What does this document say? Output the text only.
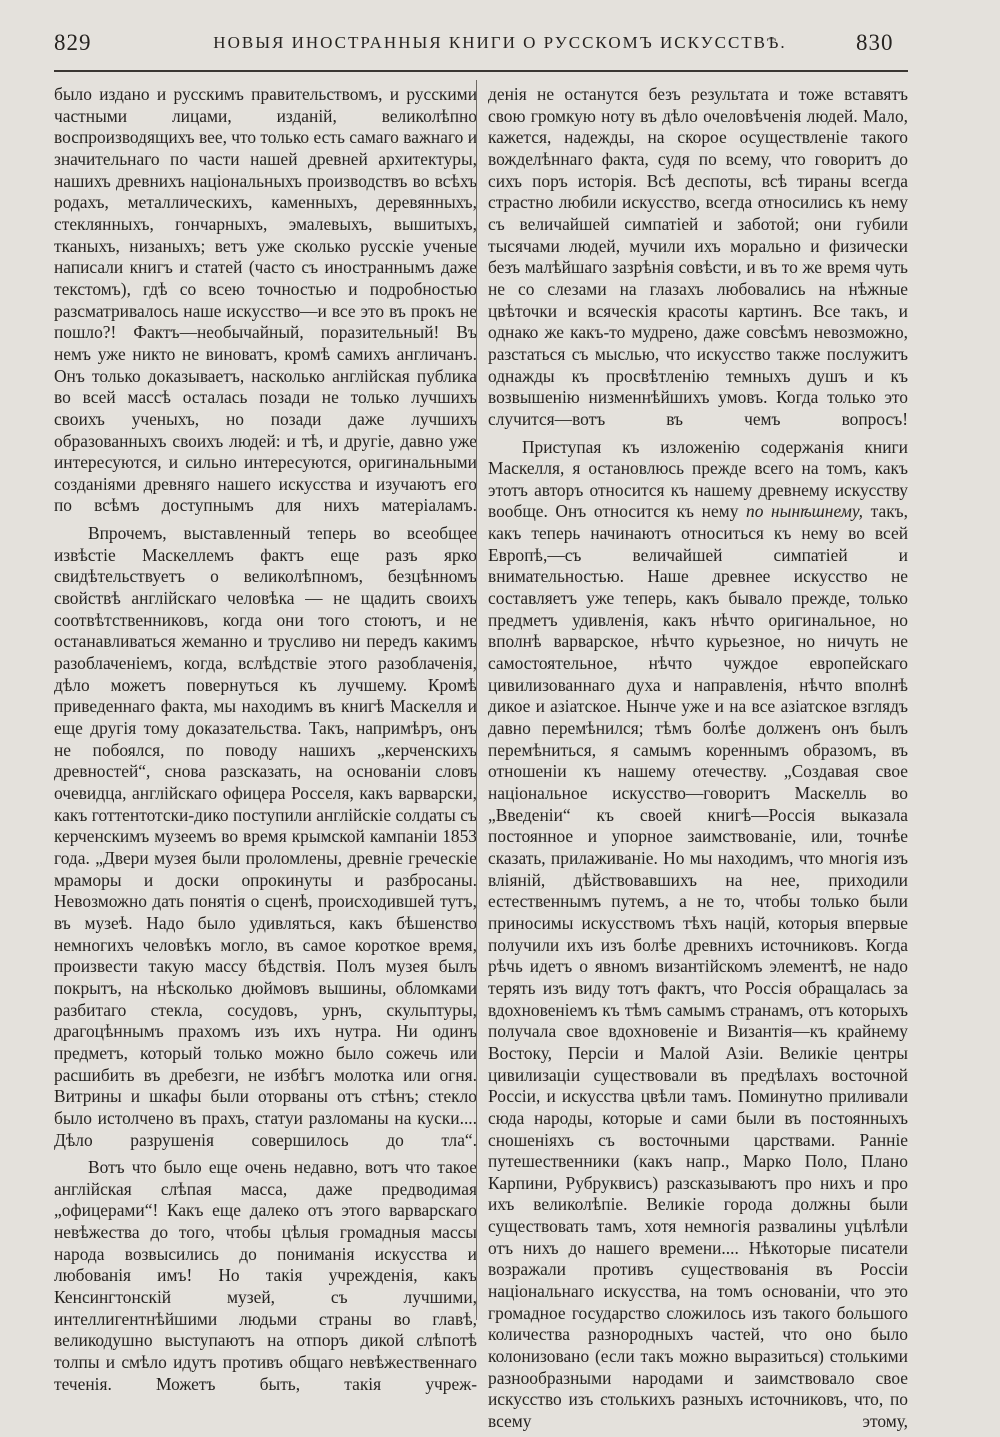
829	НОВЫЯ ИНОСТРАННЫЯ КНИГИ О РУССКОМЪ ИСКУССТВѢ.	830

было издано и русскимъ правительствомъ, и русскими частными лицами, изданій, великолѣпно воспроизводящихъ вее, что только есть самаго важнаго и значительнаго по части нашей древней архитектуры, нашихъ древнихъ національныхъ производствъ во всѣхъ родахъ, металлическихъ, каменныхъ, деревянныхъ, стеклянныхъ, гончарныхъ, эмалевыхъ, вышитыхъ, тканыхъ, низаныхъ; ветъ уже сколько русскіе ученые написали книгъ и статей (часто съ иностраннымъ даже текстомъ), гдѣ со всею точностью и подробностью разсматривалось наше искусство—и все это въ прокъ не пошло?! Фактъ—необычайный, поразительный! Въ немъ уже никто не виноватъ, кромѣ самихъ англичанъ. Онъ только доказываетъ, насколько англійская публика во всей массѣ осталась позади не только лучшихъ своихъ ученыхъ, но позади даже лучшихъ образованныхъ своихъ людей: и тѣ, и другіе, давно уже интересуются, и сильно интересуются, оригинальными созданіями древняго нашего искусства и изучаютъ его по всѣмъ доступнымъ для нихъ матеріаламъ.

Впрочемъ, выставленный теперь во всеобщее извѣстіе Маскеллемъ фактъ еще разъ ярко свидѣтельствуетъ о великолѣпномъ, безцѣнномъ свойствѣ англійскаго человѣка — не щадить своихъ соотвѣтственниковъ, когда они того стоютъ, и не останавливаться жеманно и трусливо ни передъ какимъ разоблаченіемъ, когда, вслѣдствіе этого разоблаченія, дѣло можетъ повернуться къ лучшему. Кромѣ приведеннаго факта, мы находимъ въ книгѣ Маскелля и еще другія тому доказательства. Такъ, напримѣръ, онъ не побоялся, по поводу нашихъ „керченскихъ древностей“, снова разсказать, на основаніи словъ очевидца, англійскаго офицера Росселя, какъ варварски, какъ готтентотски-дико поступили англійскіе солдаты съ керченскимъ музеемъ во время крымской кампаніи 1853 года. „Двери музея были проломлены, древніе греческіе мраморы и доски опрокинуты и разбросаны. Невозможно дать понятія о сценѣ, происходившей тутъ, въ музеѣ. Надо было удивляться, какъ бѣшенство немногихъ человѣкъ могло, въ самое короткое время, произвести такую массу бѣдствія. Полъ музея былъ покрытъ, на нѣсколько дюймовъ вышины, обломками разбитаго стекла, сосудовъ, урнъ, скульптуры, драгоцѣннымъ прахомъ изъ ихъ нутра. Ни одинъ предметъ, который только можно было сожечь или расшибить въ дребезги, не избѣгъ молотка или огня. Витрины и шкафы были оторваны отъ стѣнъ; стекло было истолчено въ прахъ, статуи разломаны на куски.... Дѣло разрушенія совершилось до тла“.

Вотъ что было еще очень недавно, вотъ что такое англійская слѣпая масса, даже предводимая „офицерами“! Какъ еще далеко отъ этого варварскаго невѣжества до того, чтобы цѣлыя громадныя массы народа возвысились до пониманія искусства и любованія имъ! Но такія учрежденія, какъ Кенсингтонскій музей, съ лучшими, интеллигентнѣйшими людьми страны во главѣ, великодушно выступаютъ на отпоръ дикой слѣпотѣ толпы и смѣло идутъ противъ общаго невѣжественнаго теченія. Можетъ быть, такія учреж-

денія не останутся безъ результата и тоже вставятъ свою громкую ноту въ дѣло очеловѣченія людей. Мало, кажется, надежды, на скорое осуществленіе такого вожделѣннаго факта, судя по всему, что говоритъ до сихъ поръ исторія. Всѣ деспоты, всѣ тираны всегда страстно любили искусство, всегда относились къ нему съ величайшей симпатіей и заботой; они губили тысячами людей, мучили ихъ морально и физически безъ малѣйшаго зазрѣнія совѣсти, и въ то же время чуть не со слезами на глазахъ любовались на нѣжные цвѣточки и всяческія красоты картинъ. Все такъ, и однако же какъ-то мудрено, даже совсѣмъ невозможно, разстаться съ мыслью, что искусство также послужитъ однажды къ просвѣтленію темныхъ душъ и къ возвышенію низменнѣйшихъ умовъ. Когда только это случится—вотъ въ чемъ вопросъ!

Приступая къ изложенію содержанія книги Маскелля, я остановлюсь прежде всего на томъ, какъ этотъ авторъ относится къ нашему древнему искусству вообще. Онъ относится къ нему по нынѣшнему, такъ, какъ теперь начинаютъ относиться къ нему во всей Европѣ,—съ величайшей симпатіей и внимательностью. Наше древнее искусство не составляетъ уже теперь, какъ бывало прежде, только предметъ удивленія, какъ нѣчто оригинальное, но вполнѣ варварское, нѣчто курьезное, но ничуть не самостоятельное, нѣчто чуждое европейскаго цивилизованнаго духа и направленія, нѣчто вполнѣ дикое и азіатское. Нынче уже и на все азіатское взглядъ давно перемѣнился; тѣмъ болѣе долженъ онъ былъ перемѣниться, я самымъ кореннымъ образомъ, въ отношеніи къ нашему отечеству. „Создавая свое національное искусство—говоритъ Маскелль во „Введеніи“ къ своей книгѣ—Россія выказала постоянное и упорное заимствованіе, или, точнѣе сказать, прилаживаніе. Но мы находимъ, что многія изъ вліяній, дѣйствовавшихъ на нее, приходили естественнымъ путемъ, а не то, чтобы только были приносимы искусствомъ тѣхъ націй, которыя впервые получили ихъ изъ болѣе древнихъ источниковъ. Когда рѣчь идетъ о явномъ византійскомъ элементѣ, не надо терять изъ виду тотъ фактъ, что Россія обращалась за вдохновеніемъ къ тѣмъ самымъ странамъ, отъ которыхъ получала свое вдохновеніе и Византія—къ крайнему Востоку, Персіи и Малой Азіи. Великіе центры цивилизаціи существовали въ предѣлахъ восточной Россіи, и искусства цвѣли тамъ. Поминутно приливали сюда народы, которые и сами были въ постоянныхъ сношеніяхъ съ восточными царствами. Ранніе путешественники (какъ напр., Марко Поло, Плано Карпини, Рубруквисъ) разсказываютъ про нихъ и про ихъ великолѣпіе. Великіе города должны были существовать тамъ, хотя немногія развалины уцѣлѣли отъ нихъ до нашего времени.... Нѣкоторые писатели возражали противъ существованія въ Россіи національнаго искусства, на томъ основаніи, что это громадное государство сложилось изъ такого большого количества разнородныхъ частей, что оно было колонизовано (если такъ можно выразиться) столькими разнообразными народами и заимствовало свое искусство изъ столькихъ разныхъ источниковъ, что, по всему этому,
